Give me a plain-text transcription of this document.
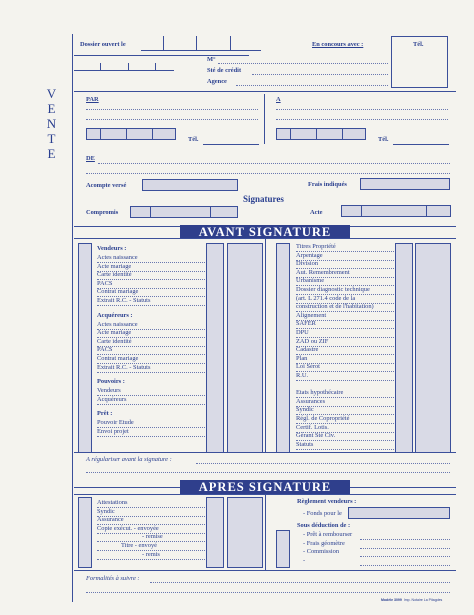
VENTE
Dossier ouvert le	En concours avec :	Tél.
M°
Sté de crédit
Agence
PAR	A
Tél.	Tél.
DE
Acompte versé	Frais indiqués
Signatures
Compromis	Acte
AVANT SIGNATURE
Vendeurs :
Actes naissance
Acte mariage
Carte identité
PACS
Contrat mariage
Extrait R.C. - Statuts
Acquéreurs :
Actes naissance
Acte mariage
Carte identité
PACS
Contrat mariage
Extrait R.C. - Statuts
Pouvoirs :
Vendeurs
Acquéreurs
Prêt :
Pouvoir Etude
Envoi projet
Titres Propriété
Arpentage
Division
Aut. Remembrement
Urbanisme
Dossier diagnostic technique
(art. L 271.4 code de la
construction et de l'habitation)
Alignement
SAFER
DPU
ZAD ou ZIF
Cadastre
Plan
Loi Sérot
R.U.
Etats hypothécaire
Assurances
Syndic
Régl. de Copropriété
Certif. Lotis.
Gérant Sté Civ.
Statuts
A régulariser avant la signature :
APRES SIGNATURE
Attestations
Syndic
Assurance
Copie exécut. - envoyée
- remise
Titre - envoyé
- remis
Règlement vendeurs :
- Fonds pour le
Sous déduction de :
- Prêt à rembourser
- Frais géomètre
- Commission
-
Formalités à suivre :
Modèle 3099 Imp. Notaire La Pitagdes
